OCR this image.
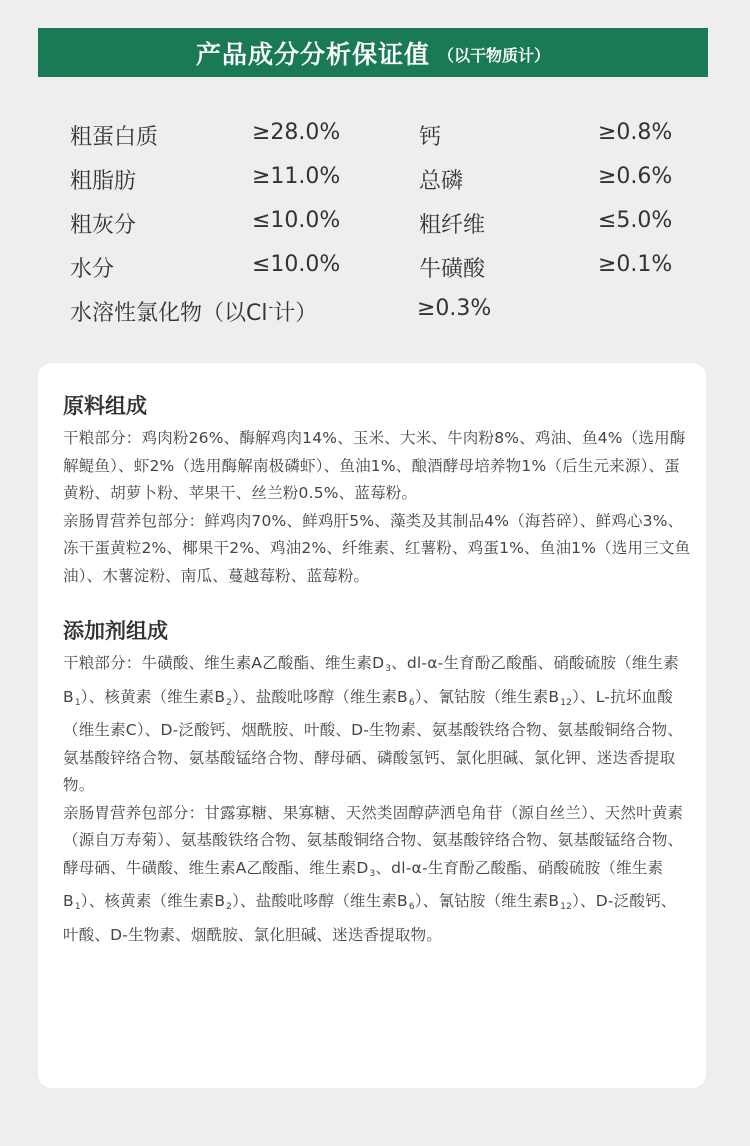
产品成分分析保证值 （以干物质计）
粗蛋白质	≥28.0%	钙	≥0.8%
粗脂肪	≥11.0%	总磷	≥0.6%
粗灰分	≤10.0%	粗纤维	≤5.0%
水分	≤10.0%	牛磺酸	≥0.1%
水溶性氯化物（以Cl-计）	≥0.3%
原料组成

干粮部分：鸡肉粉26%、酶解鸡肉14%、玉米、大米、牛肉粉8%、鸡油、鱼4%（选用酶解鳀鱼）、虾2%（选用酶解南极磷虾）、鱼油1%、酿酒酵母培养物1%（后生元来源）、蛋黄粉、胡萝卜粉、苹果干、丝兰粉0.5%、蓝莓粉。

亲肠胃营养包部分：鲜鸡肉70%、鲜鸡肝5%、藻类及其制品4%（海苔碎）、鲜鸡心3%、冻干蛋黄粒2%、椰果干2%、鸡油2%、纤维素、红薯粉、鸡蛋1%、鱼油1%（选用三文鱼油）、木薯淀粉、南瓜、蔓越莓粉、蓝莓粉。

添加剂组成

干粮部分：牛磺酸、维生素A乙酸酯、维生素$D_3$、dl-α-生育酚乙酸酯、硝酸硫胺（维生素$B_1$）、核黄素（维生素$B_2$）、盐酸吡哆醇（维生素$B_6$）、氰钴胺（维生素$B_{12}$）、L-抗坏血酸（维生素C）、D-泛酸钙、烟酰胺、叶酸、D-生物素、氨基酸铁络合物、氨基酸铜络合物、氨基酸锌络合物、氨基酸锰络合物、酵母硒、磷酸氢钙、氯化胆碱、氯化钾、迷迭香提取物。

亲肠胃营养包部分：甘露寡糖、果寡糖、天然类固醇萨洒皂角苷（源自丝兰）、天然叶黄素（源自万寿菊）、氨基酸铁络合物、氨基酸铜络合物、氨基酸锌络合物、氨基酸锰络合物、酵母硒、牛磺酸、维生素A乙酸酯、维生素$D_3$、dl-α-生育酚乙酸酯、硝酸硫胺（维生素$B_1$）、核黄素（维生素$B_2$）、盐酸吡哆醇（维生素$B_6$）、氰钴胺（维生素$B_{12}$）、D-泛酸钙、叶酸、D-生物素、烟酰胺、氯化胆碱、迷迭香提取物。
